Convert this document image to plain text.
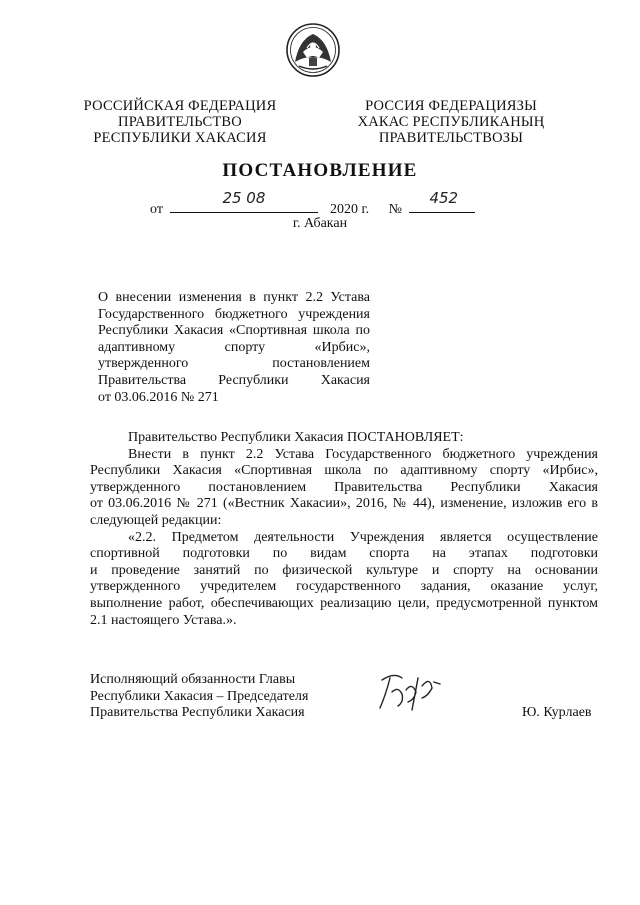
РОССИЙСКАЯ ФЕДЕРАЦИЯ
ПРАВИТЕЛЬСТВО
РЕСПУБЛИКИ ХАКАСИЯ
РОССИЯ ФЕДЕРАЦИЯЗЫ
ХАКАС РЕСПУБЛИКАНЫҢ
ПРАВИТЕЛЬСТВОЗЫ
ПОСТАНОВЛЕНИЕ
от
25 08
2020 г. №
452
г. Абакан
О внесении изменения в пункт 2.2 Устава
Государственного бюджетного учреждения
Республики Хакасия «Спортивная школа по
адаптивному спорту «Ирбис»,
утвержденного постановлением
Правительства Республики Хакасия
от 03.06.2016 № 271
Правительство Республики Хакасия ПОСТАНОВЛЯЕТ:
Внести в пункт 2.2 Устава Государственного бюджетного учреждения
Республики Хакасия «Спортивная школа по адаптивному спорту «Ирбис»,
утвержденного постановлением Правительства Республики Хакасия
от 03.06.2016 № 271 («Вестник Хакасии», 2016, № 44), изменение, изложив его в
следующей редакции:
«2.2. Предметом деятельности Учреждения является осуществление
спортивной подготовки по видам спорта на этапах подготовки
и проведение занятий по физической культуре и спорту на основании
утвержденного учредителем государственного задания, оказание услуг,
выполнение работ, обеспечивающих реализацию цели, предусмотренной пунктом
2.1 настоящего Устава.».
Исполняющий обязанности Главы
Республики Хакасия – Председателя
Правительства Республики Хакасия	Ю. Курлаев
